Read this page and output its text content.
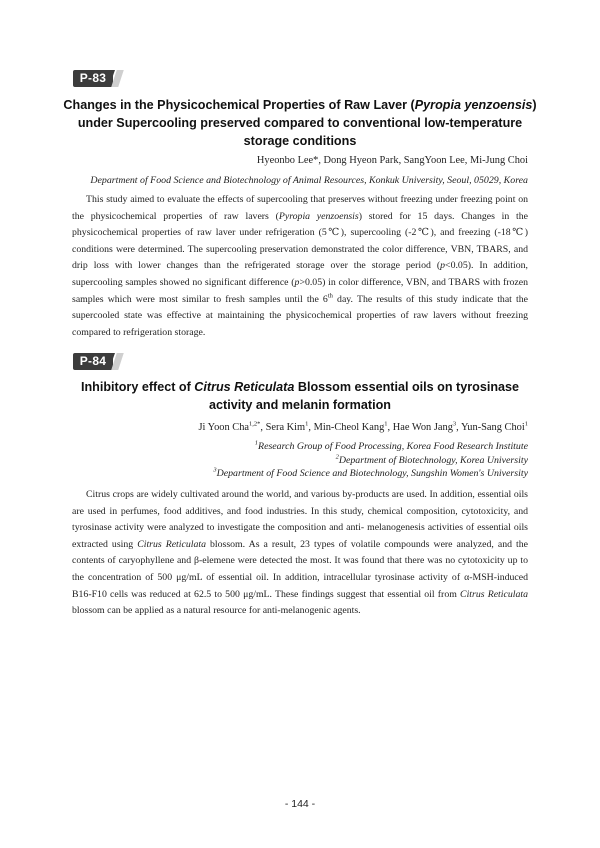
P-83
Changes in the Physicochemical Properties of Raw Laver (Pyropia yenzoensis) under Supercooling preserved compared to conventional low-temperature storage conditions
Hyeonbo Lee*, Dong Hyeon Park, SangYoon Lee, Mi-Jung Choi
Department of Food Science and Biotechnology of Animal Resources, Konkuk University, Seoul, 05029, Korea
This study aimed to evaluate the effects of supercooling that preserves without freezing under freezing point on the physicochemical properties of raw lavers (Pyropia yenzoensis) stored for 15 days. Changes in the physicochemical properties of raw laver under refrigeration (5℃), supercooling (-2℃), and freezing (-18℃) conditions were determined. The supercooling preservation demonstrated the color difference, VBN, TBARS, and drip loss with lower changes than the refrigerated storage over the storage period (p<0.05). In addition, supercooling samples showed no significant difference (p>0.05) in color difference, VBN, and TBARS with frozen samples which were most similar to fresh samples until the 6th day. The results of this study indicate that the supercooled state was effective at maintaining the physicochemical properties of raw lavers without freezing compared to refrigeration storage.
P-84
Inhibitory effect of Citrus Reticulata Blossom essential oils on tyrosinase activity and melanin formation
Ji Yoon Cha$^{1,2*}$, Sera Kim$^1$, Min-Cheol Kang$^1$, Hae Won Jang$^3$, Yun-Sang Choi$^1$
$^1$Research Group of Food Processing, Korea Food Research Institute
$^2$Department of Biotechnology, Korea University
$^3$Department of Food Science and Biotechnology, Sungshin Women's University
Citrus crops are widely cultivated around the world, and various by-products are used. In addition, essential oils are used in perfumes, food additives, and food industries. In this study, chemical composition, cytotoxicity, and tyrosinase activity were analyzed to investigate the composition and anti- melanogenesis activities of essential oils extracted using Citrus Reticulata blossom. As a result, 23 types of volatile compounds were analyzed, and the contents of caryophyllene and β-elemene were detected the most. It was found that there was no cytotoxicity up to the concentration of 500 μg/mL of essential oil. In addition, intracellular tyrosinase activity of α-MSH-induced B16-F10 cells was reduced at 62.5 to 500 μg/mL. These findings suggest that essential oil from Citrus Reticulata blossom can be applied as a natural resource for anti-melanogenic agents.
- 144 -
